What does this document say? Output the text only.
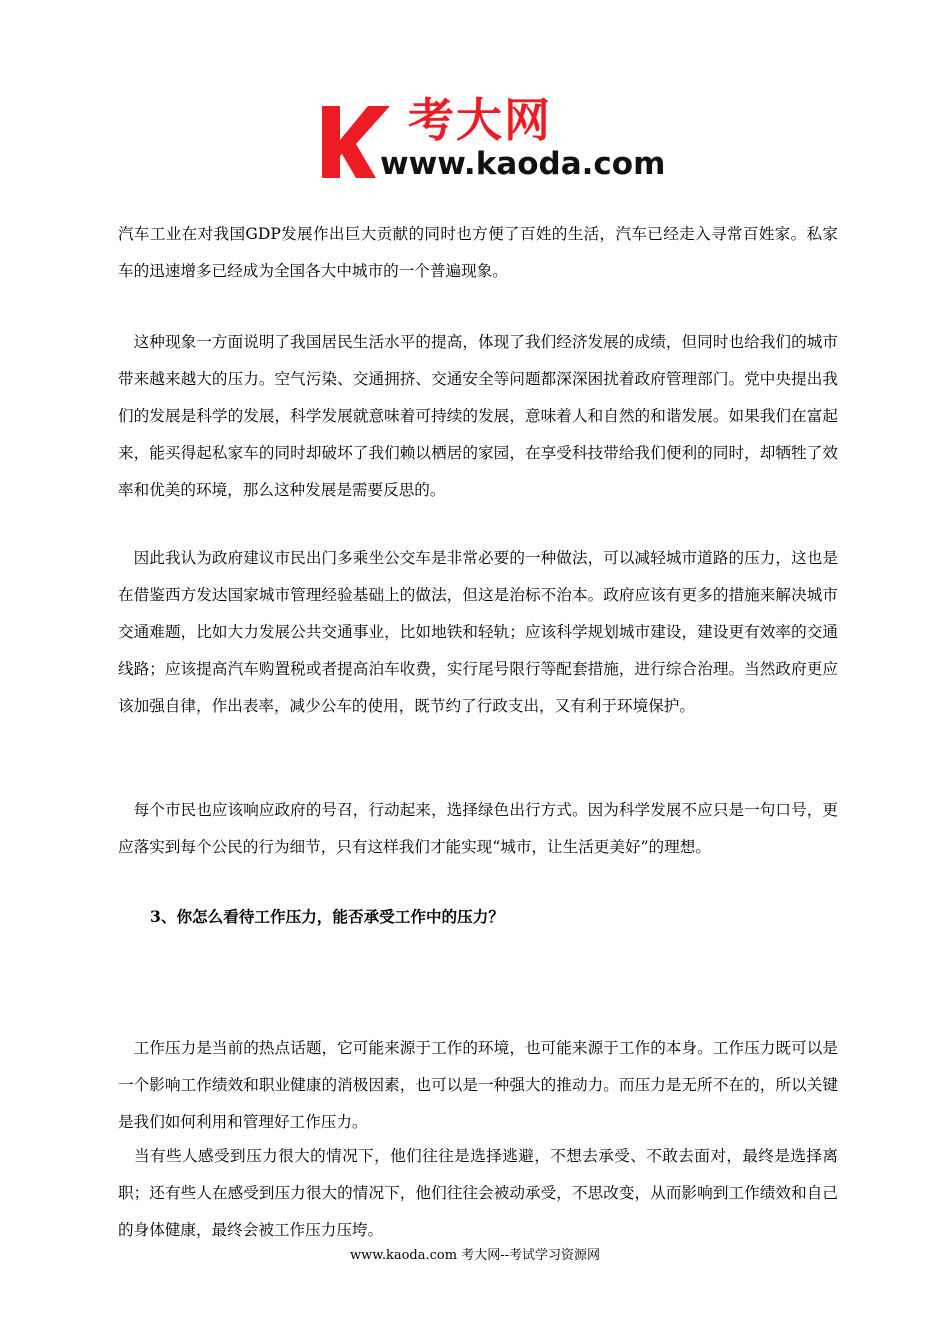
考大网
www.kaoda.com

汽车工业在对我国GDP发展作出巨大贡献的同时也方便了百姓的生活，汽车已经走入寻常百姓家。私家车的迅速增多已经成为全国各大中城市的一个普遍现象。

　这种现象一方面说明了我国居民生活水平的提高，体现了我们经济发展的成绩，但同时也给我们的城市带来越来越大的压力。空气污染、交通拥挤、交通安全等问题都深深困扰着政府管理部门。党中央提出我们的发展是科学的发展，科学发展就意味着可持续的发展，意味着人和自然的和谐发展。如果我们在富起来，能买得起私家车的同时却破坏了我们赖以栖居的家园，在享受科技带给我们便利的同时，却牺牲了效率和优美的环境，那么这种发展是需要反思的。

　因此我认为政府建议市民出门多乘坐公交车是非常必要的一种做法，可以减轻城市道路的压力，这也是在借鉴西方发达国家城市管理经验基础上的做法，但这是治标不治本。政府应该有更多的措施来解决城市交通难题，比如大力发展公共交通事业，比如地铁和轻轨；应该科学规划城市建设，建设更有效率的交通线路；应该提高汽车购置税或者提高泊车收费，实行尾号限行等配套措施，进行综合治理。当然政府更应该加强自律，作出表率，减少公车的使用，既节约了行政支出，又有利于环境保护。

　每个市民也应该响应政府的号召，行动起来，选择绿色出行方式。因为科学发展不应只是一句口号，更应落实到每个公民的行为细节，只有这样我们才能实现“城市，让生活更美好”的理想。

3、你怎么看待工作压力，能否承受工作中的压力？

　工作压力是当前的热点话题，它可能来源于工作的环境，也可能来源于工作的本身。工作压力既可以是一个影响工作绩效和职业健康的消极因素，也可以是一种强大的推动力。而压力是无所不在的，所以关键是我们如何利用和管理好工作压力。

　当有些人感受到压力很大的情况下，他们往往是选择逃避，不想去承受、不敢去面对，最终是选择离职；还有些人在感受到压力很大的情况下，他们往往会被动承受，不思改变，从而影响到工作绩效和自己的身体健康，最终会被工作压力压垮。

www.kaoda.com 考大网--考试学习资源网
